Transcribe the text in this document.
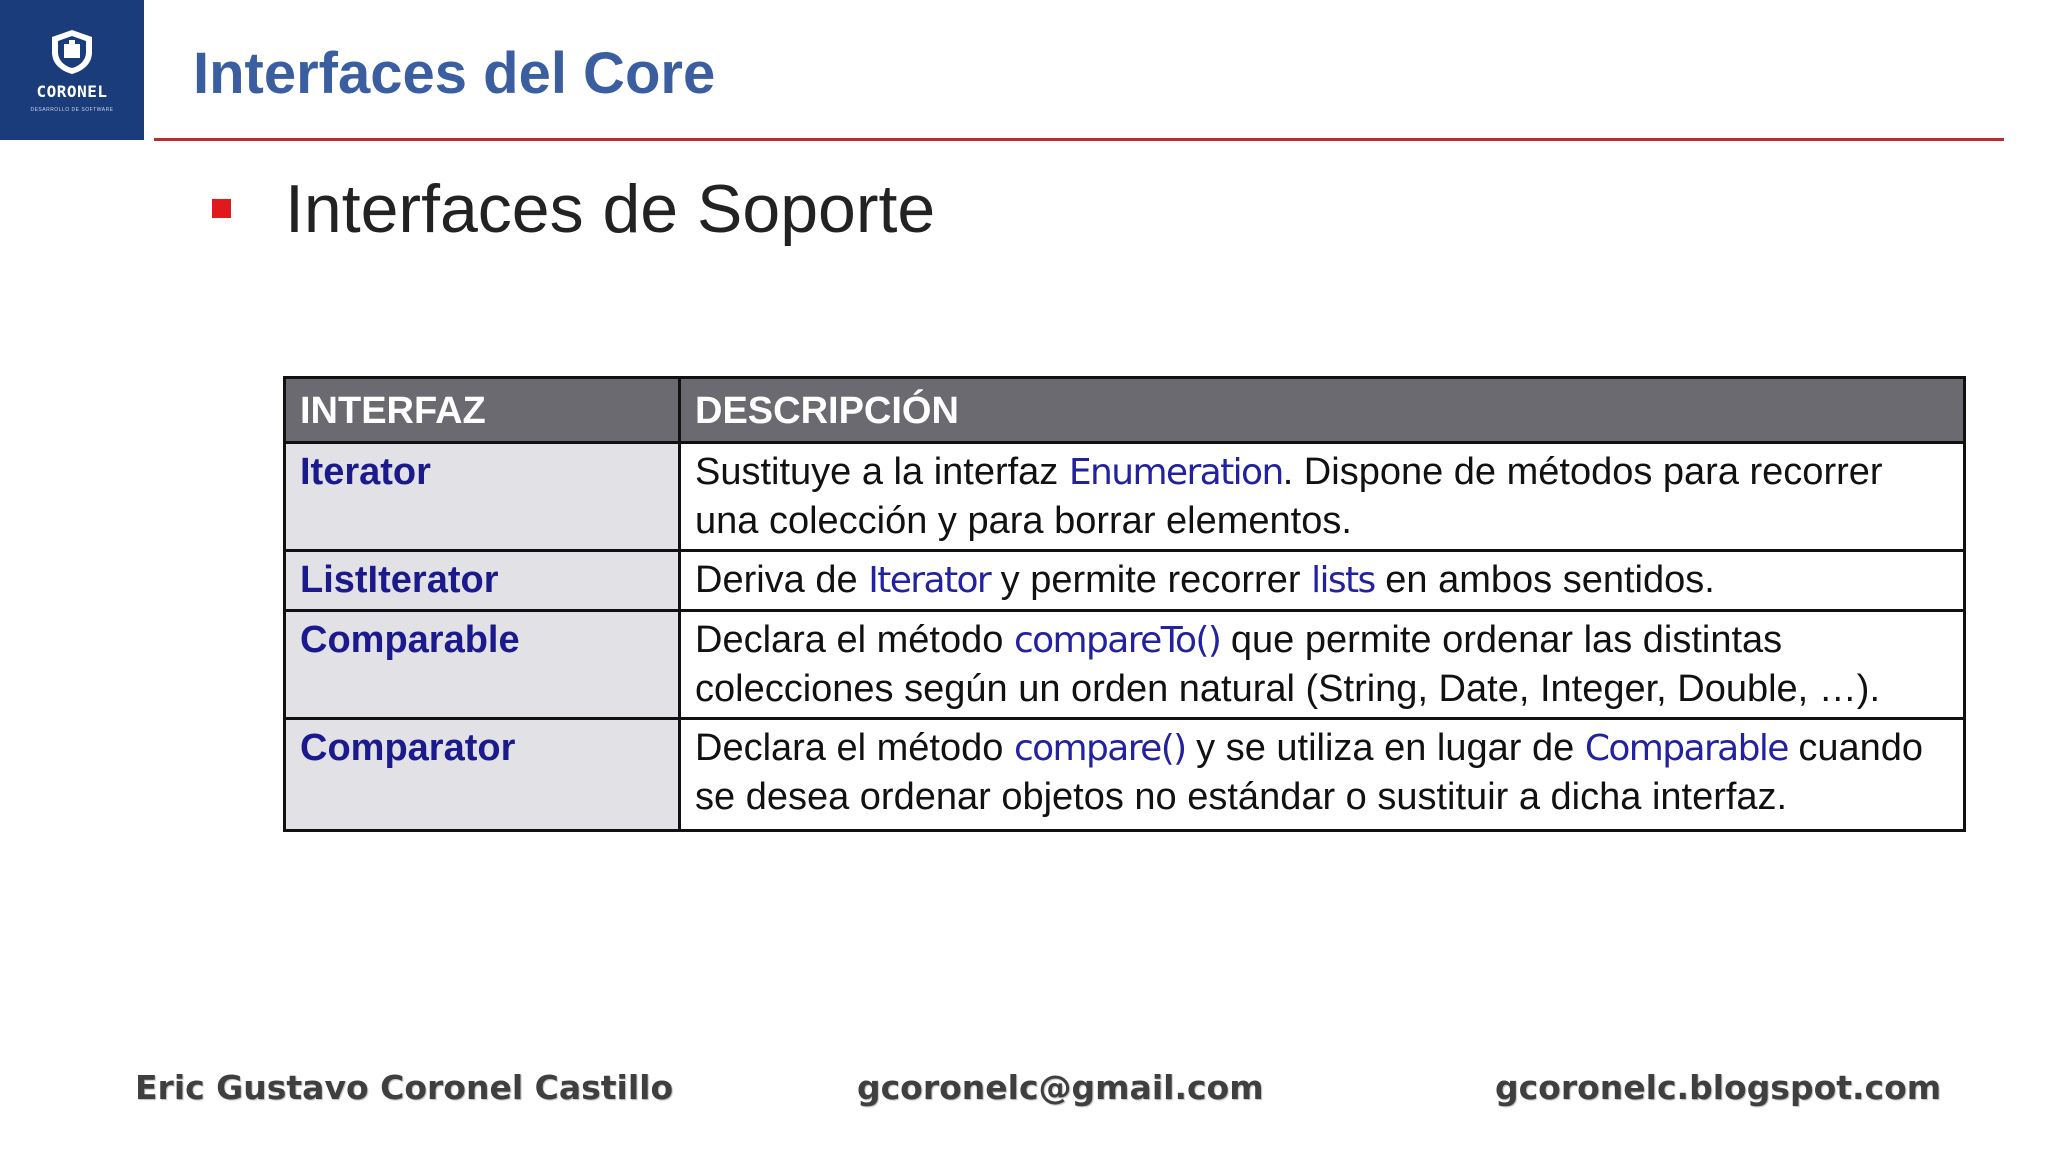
CORONEL
DESARROLLO DE SOFTWARE
Interfaces del Core
Interfaces de Soporte
INTERFAZ	DESCRIPCIÓN
Iterator	Sustituye a la interfaz Enumeration. Dispone de métodos para recorrer una colección y para borrar elementos.
ListIterator	Deriva de Iterator y permite recorrer lists en ambos sentidos.
Comparable	Declara el método compareTo() que permite ordenar las distintas colecciones según un orden natural (String, Date, Integer, Double, …).
Comparator	Declara el método compare() y se utiliza en lugar de Comparable cuando se desea ordenar objetos no estándar o sustituir a dicha interfaz.
Eric Gustavo Coronel Castillo	gcoronelc@gmail.com	gcoronelc.blogspot.com
